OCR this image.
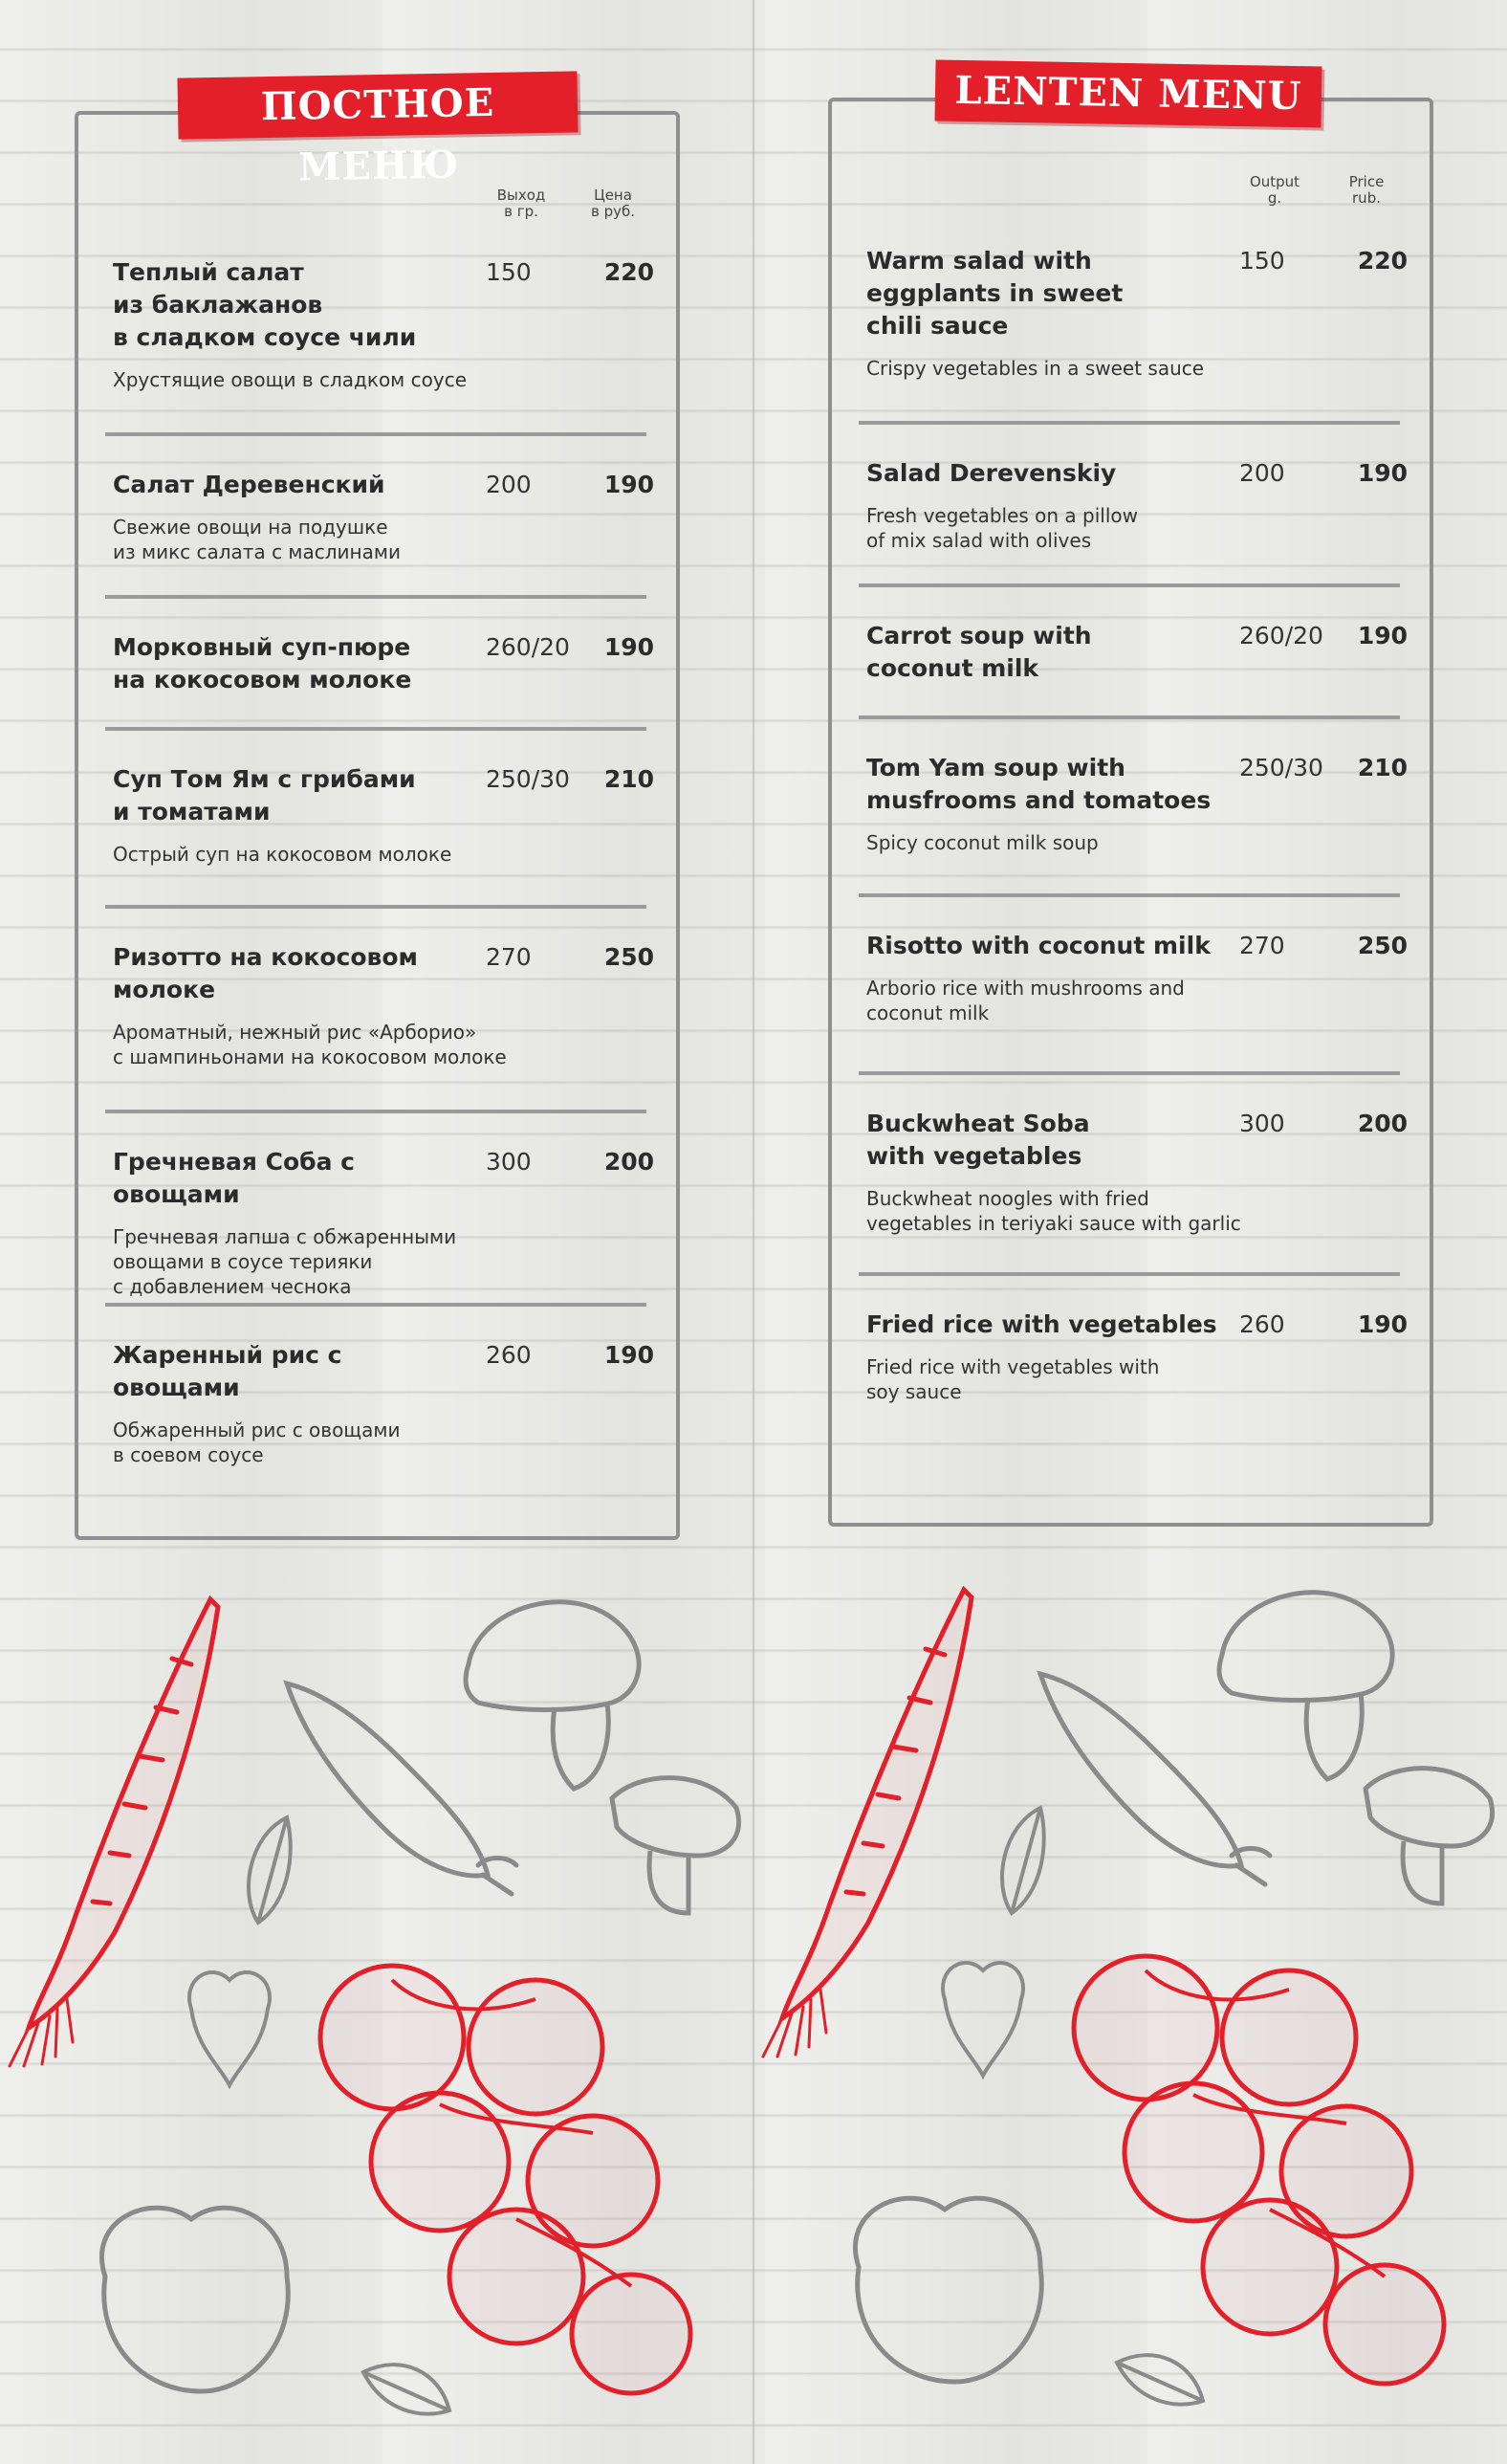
ПОСТНОЕ МЕНЮ
Выход
в гр.
Цена
в руб.
Теплый салат
из баклажанов
в сладком соусе чили
150	220
Хрустящие овощи в сладком соусе
Салат Деревенский	200	190
Свежие овощи на подушке
из микс салата с маслинами
Морковный суп-пюре
на кокосовом молоке
260/20	190
Суп Том Ям с грибами
и томатами
250/30	210
Острый суп на кокосовом молоке
Ризотто на кокосовом
молоке
270	250
Ароматный, нежный рис «Арборио»
с шампиньонами на кокосовом молоке
Гречневая Соба с овощами
300	200
Гречневая лапша с обжаренными
овощами в соусе терияки
с добавлением чеснока
Жаренный рис с овощами
260	190
Обжаренный рис с овощами
в соевом соусе
LENTEN MENU
Output
g.
Price
rub.
Warm salad with
eggplants in sweet
chili sauce
150	220
Crispy vegetables in a sweet sauce
Salad Derevenskiy	200	190
Fresh vegetables on a pillow
of mix salad with olives
Carrot soup with
coconut milk
260/20	190
Tom Yam soup with
musfrooms and tomatoes
250/30	210
Spicy coconut milk soup
Risotto with coconut milk	270	250
Arborio rice with mushrooms and
coconut milk
Buckwheat Soba
with vegetables
300	200
Buckwheat noogles with fried
vegetables in teriyaki sauce with garlic
Fried rice with vegetables 260	190
Fried rice with vegetables with
soy sauce
